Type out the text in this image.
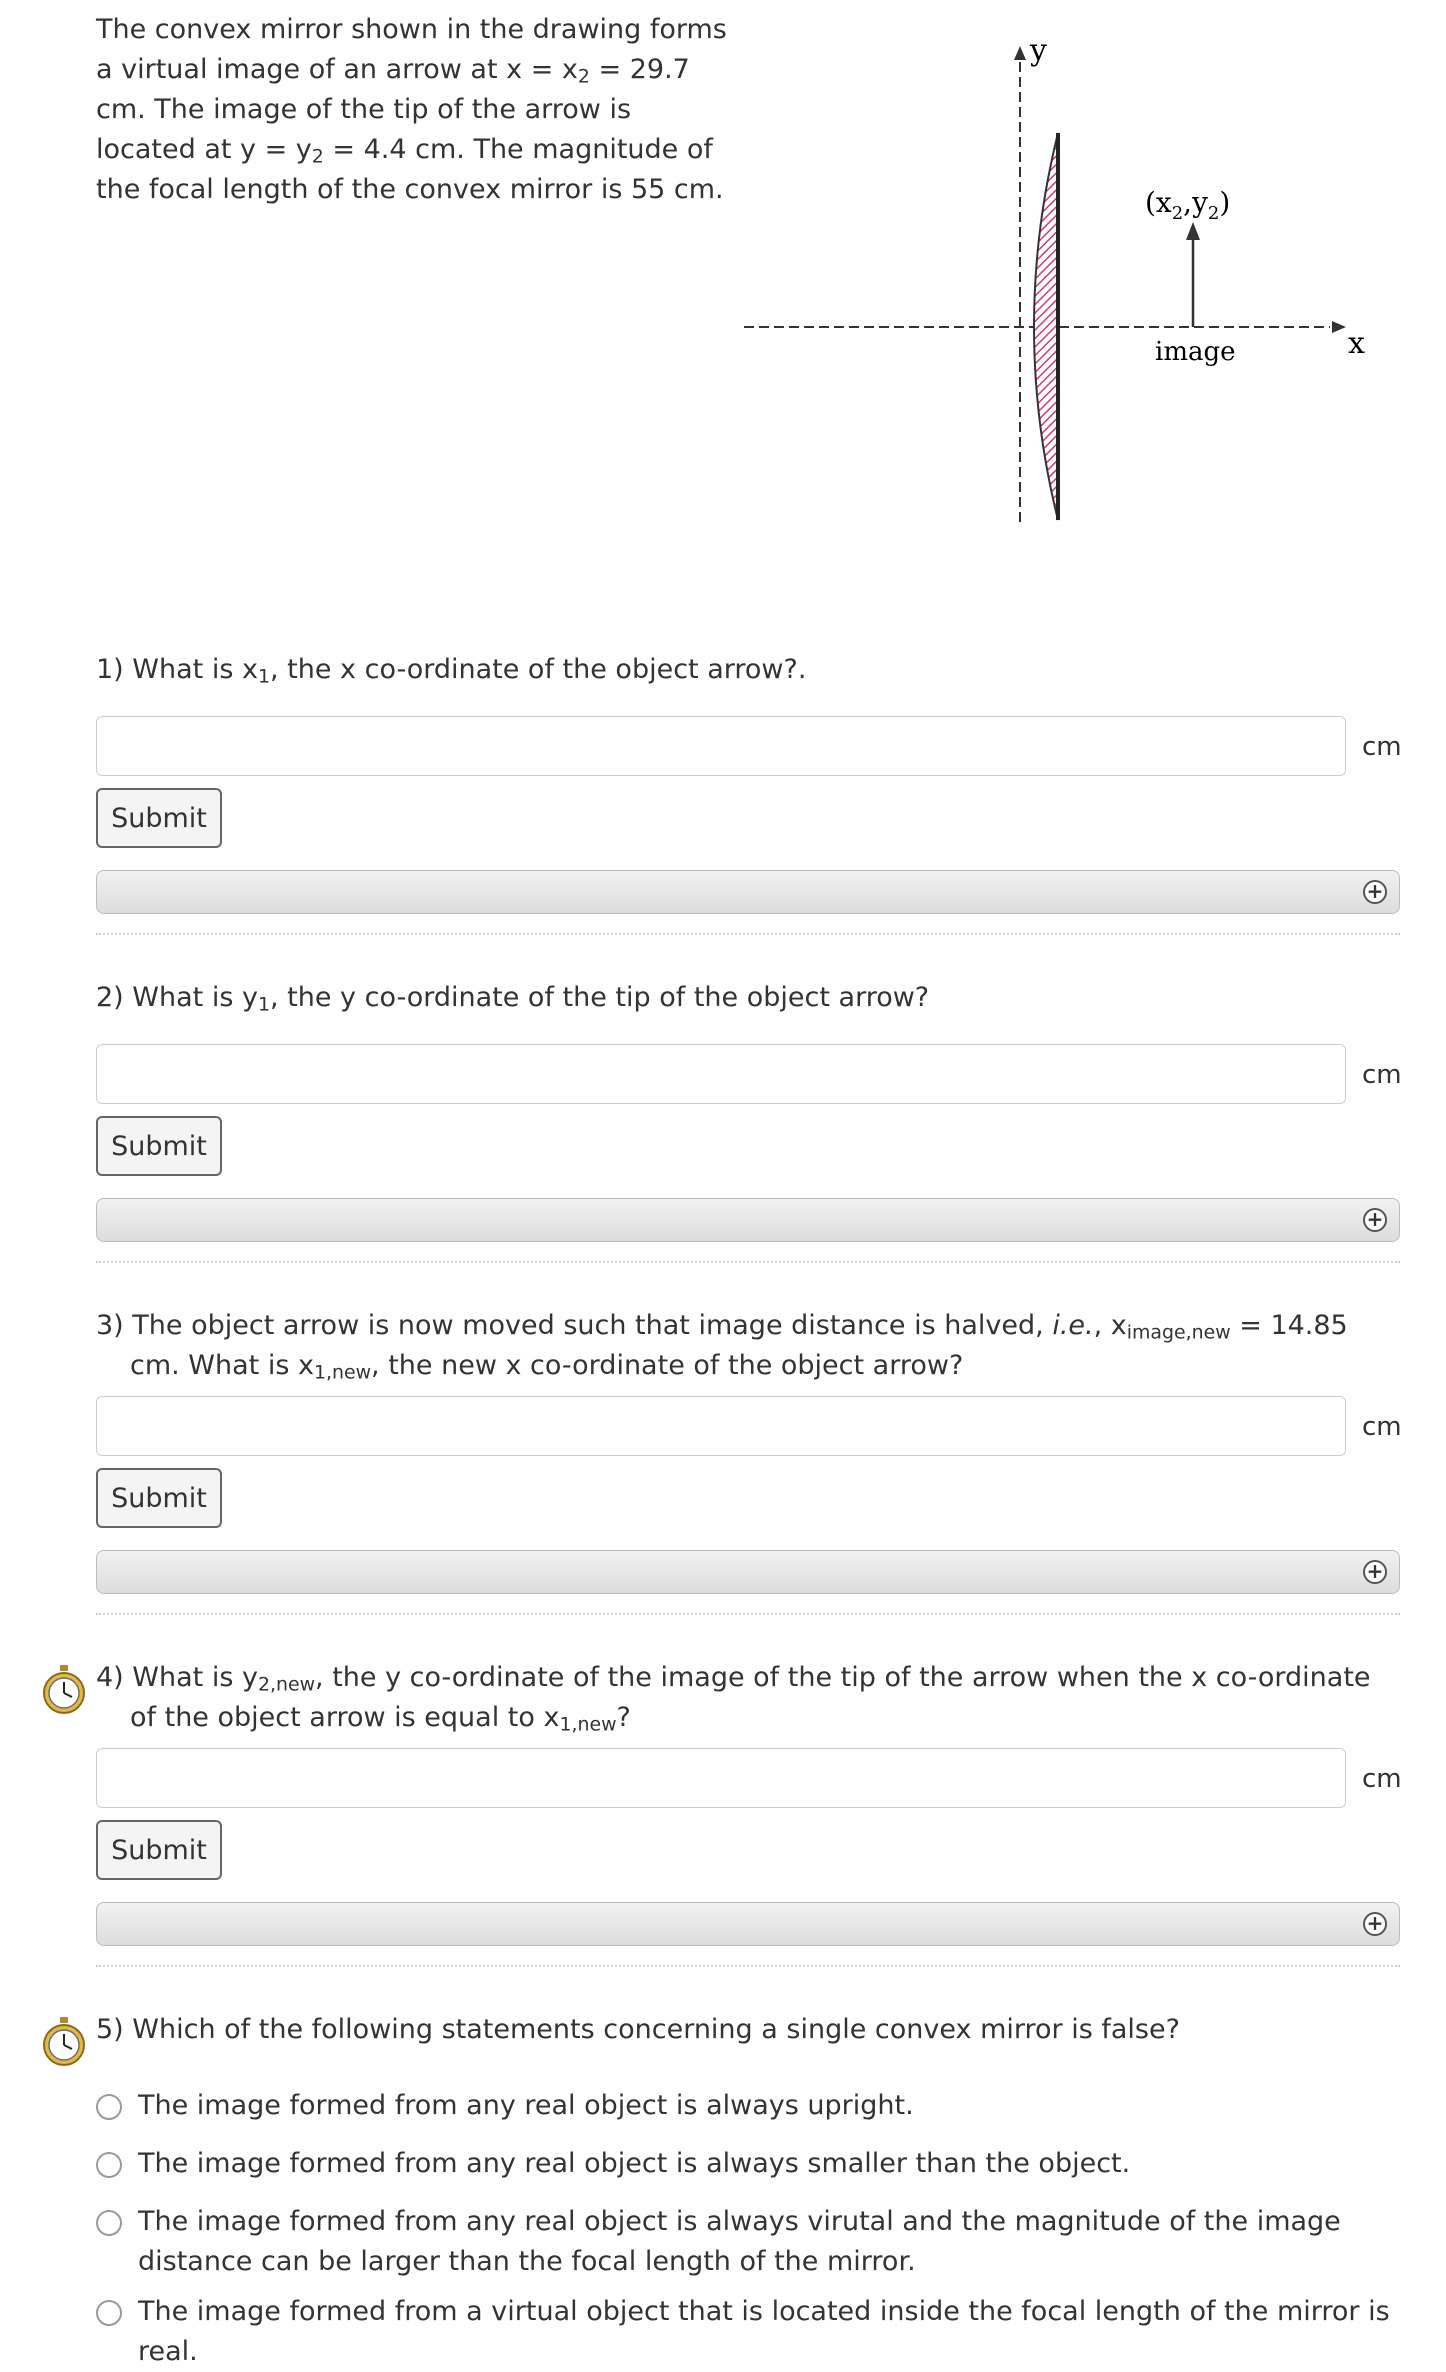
The convex mirror shown in the drawing forms a virtual image of an arrow at $x = x_2 = 29.7$ cm. The image of the tip of the arrow is located at $y = y_2 = 4.4$ cm. The magnitude of the focal length of the convex mirror is 55 cm.
y
x
$(x_2,y_2)$
image
1) What is $x_1$, the x co-ordinate of the object arrow?.
cm
Submit
+
2) What is $y_1$, the y co-ordinate of the tip of the object arrow?
cm
Submit
+
3) The object arrow is now moved such that image distance is halved, i.e., $x_{image,new} = 14.85$ cm. What is $x_{1,new}$, the new x co-ordinate of the object arrow?
cm
Submit
+
4) What is $y_{2,new}$, the y co-ordinate of the image of the tip of the arrow when the x co-ordinate of the object arrow is equal to $x_{1,new}$?
cm
Submit
+
5) Which of the following statements concerning a single convex mirror is false?
The image formed from any real object is always upright.
The image formed from any real object is always smaller than the object.
The image formed from any real object is always virutal and the magnitude of the image distance can be larger than the focal length of the mirror.
The image formed from a virtual object that is located inside the focal length of the mirror is real.
